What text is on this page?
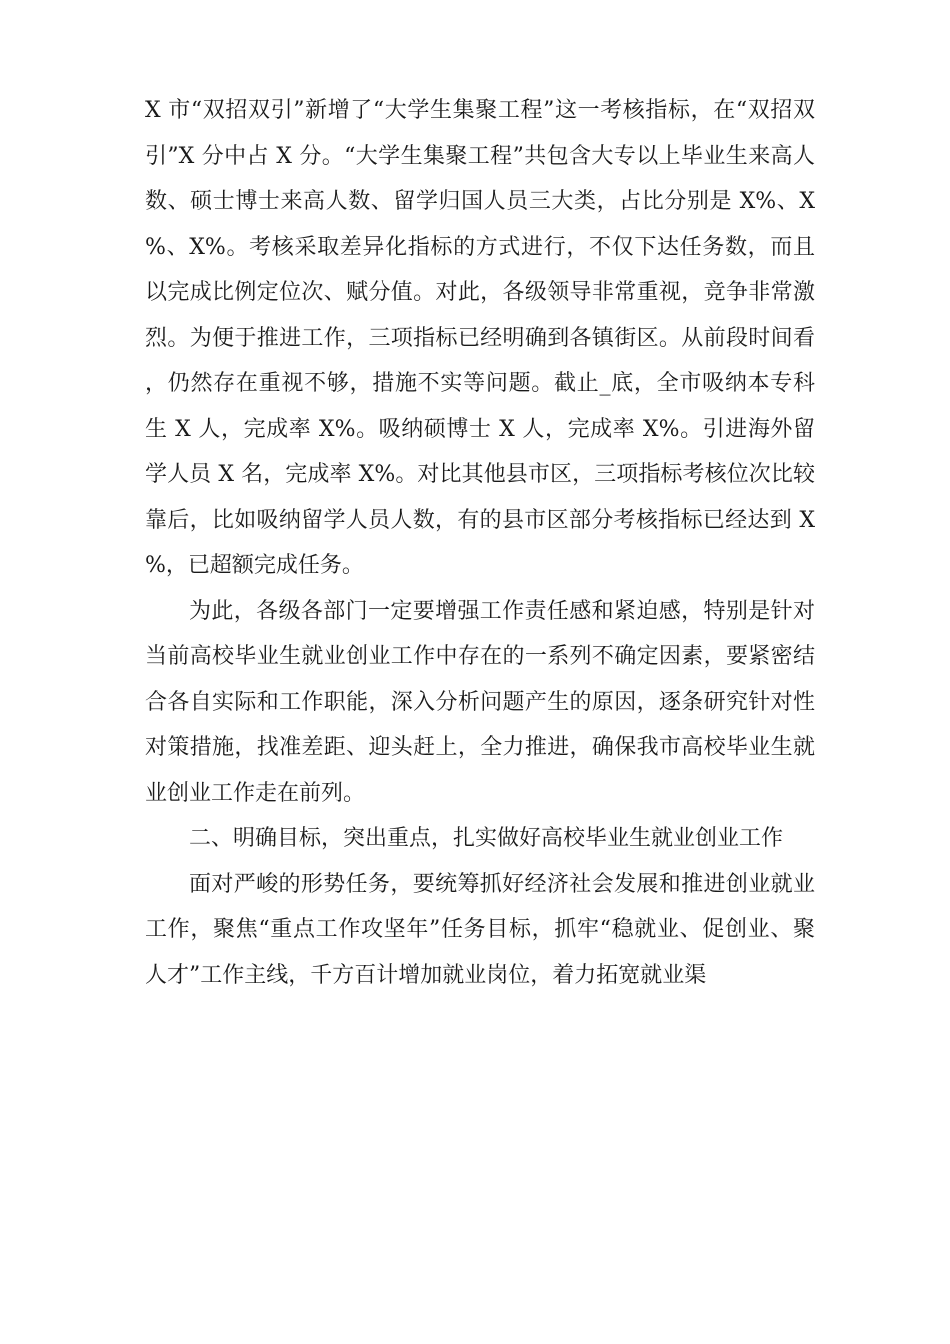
X 市“双招双引”新增了“大学生集聚工程”这一考核指标，在“双招双引”X 分中占 X 分。“大学生集聚工程”共包含大专以上毕业生来高人数、硕士博士来高人数、留学归国人员三大类，占比分别是 X%、X%、X%。考核采取差异化指标的方式进行，不仅下达任务数，而且以完成比例定位次、赋分值。对此，各级领导非常重视，竞争非常激烈。为便于推进工作，三项指标已经明确到各镇街区。从前段时间看，仍然存在重视不够，措施不实等问题。截止_底，全市吸纳本专科生 X 人，完成率 X%。吸纳硕博士 X 人，完成率 X%。引进海外留学人员 X 名，完成率 X%。对比其他县市区，三项指标考核位次比较靠后，比如吸纳留学人员人数，有的县市区部分考核指标已经达到 X%，已超额完成任务。

为此，各级各部门一定要增强工作责任感和紧迫感，特别是针对当前高校毕业生就业创业工作中存在的一系列不确定因素，要紧密结合各自实际和工作职能，深入分析问题产生的原因，逐条研究针对性对策措施，找准差距、迎头赶上，全力推进，确保我市高校毕业生就业创业工作走在前列。

二、明确目标，突出重点，扎实做好高校毕业生就业创业工作

面对严峻的形势任务，要统筹抓好经济社会发展和推进创业就业工作，聚焦“重点工作攻坚年”任务目标，抓牢“稳就业、促创业、聚人才”工作主线，千方百计增加就业岗位，着力拓宽就业渠
